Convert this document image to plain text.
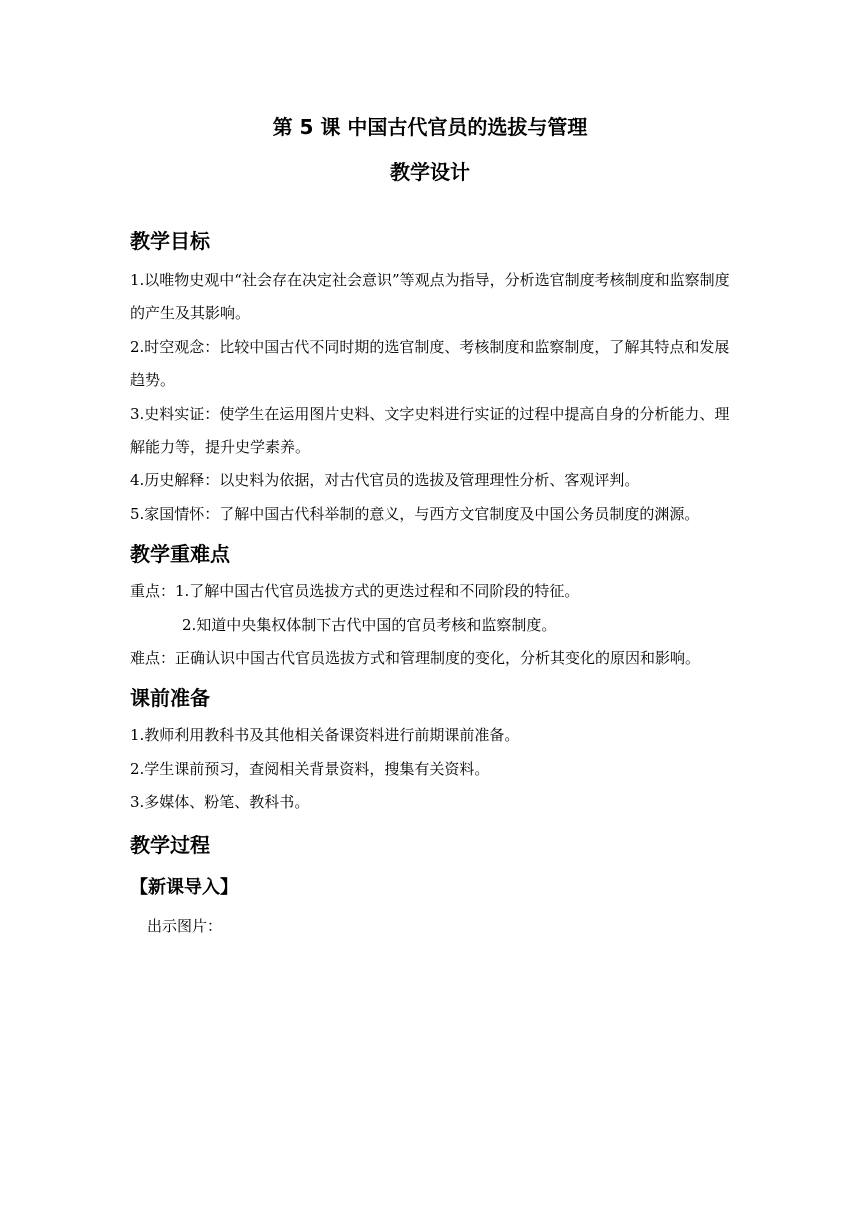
第 5 课 中国古代官员的选拔与管理
教学设计
教学目标

1.以唯物史观中“社会存在决定社会意识”等观点为指导，分析选官制度考核制度和监察制度的产生及其影响。

2.时空观念：比较中国古代不同时期的选官制度、考核制度和监察制度，了解其特点和发展趋势。

3.史料实证：使学生在运用图片史料、文字史料进行实证的过程中提高自身的分析能力、理解能力等，提升史学素养。

4.历史解释：以史料为依据，对古代官员的选拔及管理理性分析、客观评判。

5.家国情怀：了解中国古代科举制的意义，与西方文官制度及中国公务员制度的渊源。

教学重难点

重点：1.了解中国古代官员选拔方式的更迭过程和不同阶段的特征。

2.知道中央集权体制下古代中国的官员考核和监察制度。

难点：正确认识中国古代官员选拔方式和管理制度的变化，分析其变化的原因和影响。

课前准备

1.教师利用教科书及其他相关备课资料进行前期课前准备。

2.学生课前预习，查阅相关背景资料，搜集有关资料。

3.多媒体、粉笔、教科书。

教学过程
【新课导入】

出示图片：
